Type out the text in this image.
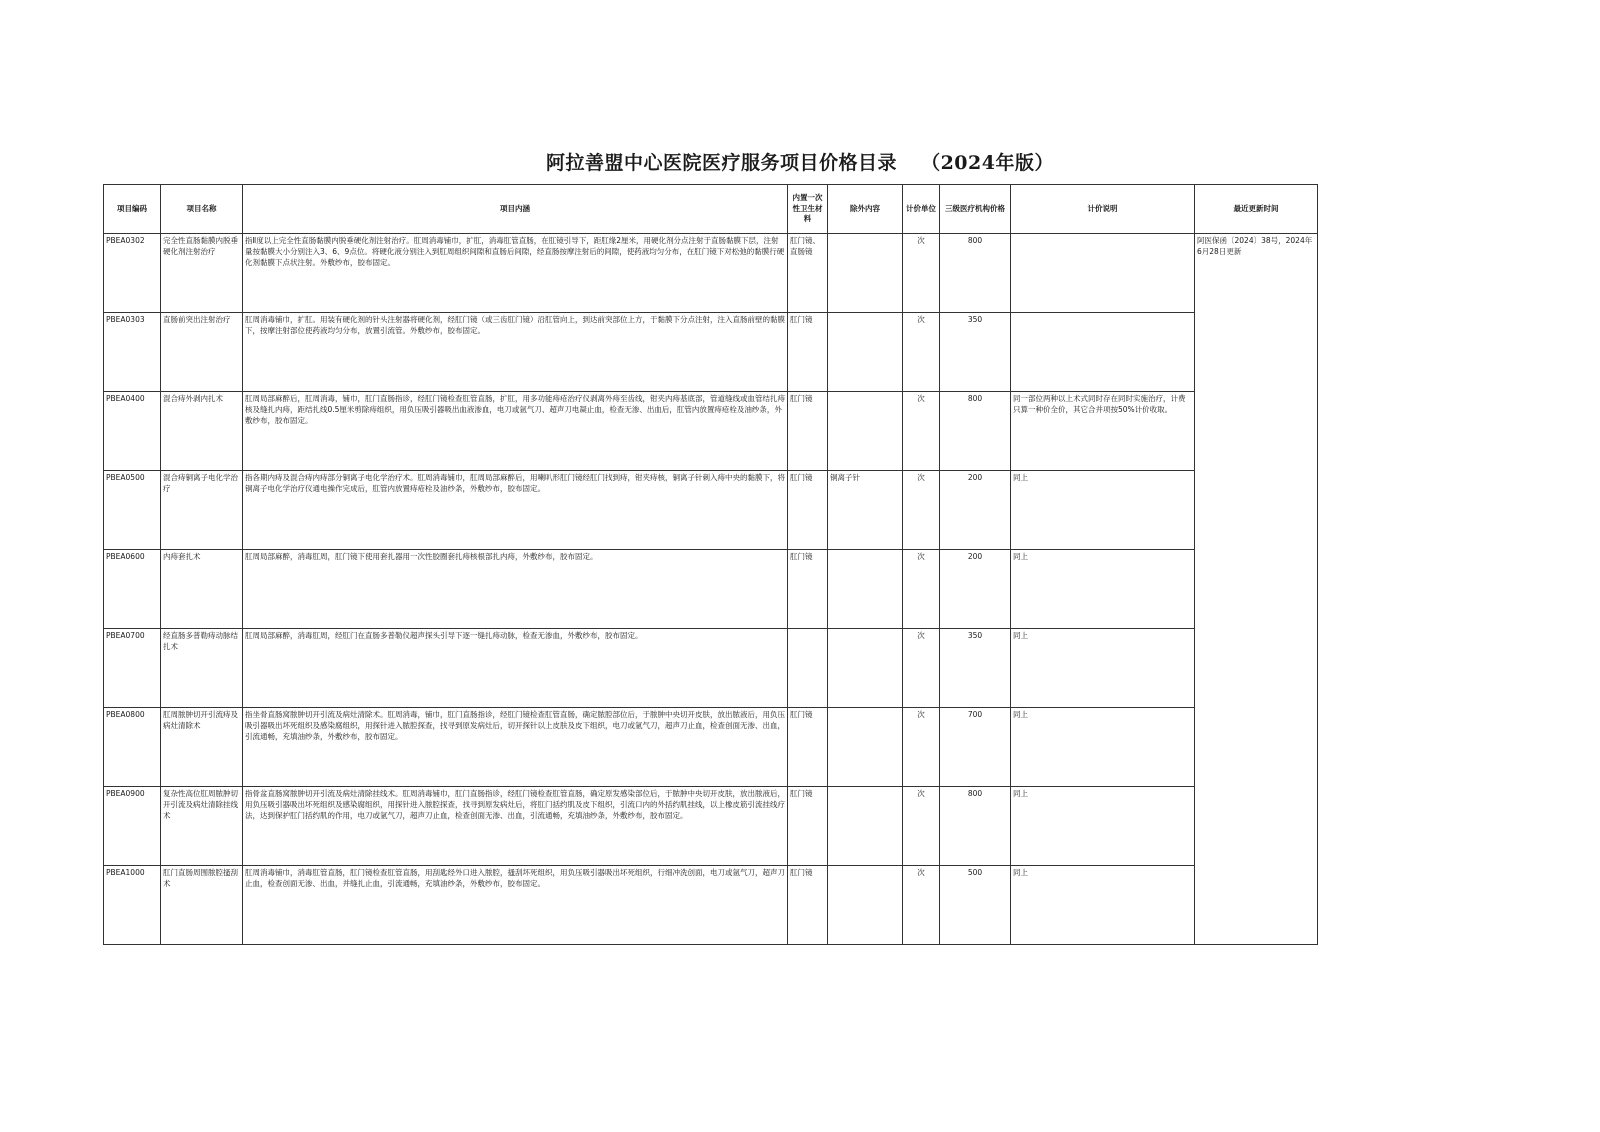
阿拉善盟中心医院医疗服务项目价格目录 （2024年版）
项目编码	项目名称	项目内涵	内置一次性卫生材料	除外内容	计价单位	三级医疗机构价格	计价说明	最近更新时间
PBEA0302	完全性直肠黏膜内脱垂硬化剂注射治疗	指Ⅱ度以上完全性直肠黏膜内脱垂硬化剂注射治疗。肛周消毒铺巾，扩肛，消毒肛管直肠，在肛镜引导下，距肛缘2厘米，用硬化剂分点注射于直肠黏膜下层，注射量按黏膜大小分别注入3、6、9点位。将硬化液分别注入到肛周组织间隙和直肠后间隙，经直肠按摩注射后的间隙，使药液均匀分布，在肛门镜下对松弛的黏膜行硬化剂黏膜下点状注射。外敷纱布，胶布固定。	肛门镜、直肠镜		次	800		阿医保函〔2024〕38号，2024年6月28日更新
PBEA0303	直肠前突出注射治疗	肛周消毒铺巾，扩肛。用装有硬化剂的针头注射器将硬化剂，经肛门镜（或三齿肛门镜）沿肛管向上，到达前突部位上方，于黏膜下分点注射，注入直肠前壁的黏膜下，按摩注射部位使药液均匀分布，放置引流管。外敷纱布，胶布固定。	肛门镜		次	350		
PBEA0400	混合痔外剥内扎术	肛周局部麻醉后，肛周消毒，铺巾，肛门直肠指诊，经肛门镜检查肛管直肠，扩肛，用多功能痔疮治疗仪剥离外痔至齿线，钳夹内痔基底部，管道缝线或血管结扎痔核及缝扎内痔，距结扎线0.5厘米剪除痔组织，用负压吸引器吸出血液渗血，电刀或氩气刀、超声刀电凝止血，检查无渗、出血后，肛管内放置痔疮栓及油纱条，外敷纱布，胶布固定。	肛门镜		次	800	同一部位两种以上术式同时存在同时实施治疗，计费只算一种价全价，其它合并项按50%计价收取。	
PBEA0500	混合痔铜离子电化学治疗	指各期内痔及混合痔内痔部分铜离子电化学治疗术。肛周消毒铺巾，肛周局部麻醉后，用喇叭形肛门镜经肛门找到痔，钳夹痔核，铜离子针刺入痔中央的黏膜下，将铜离子电化学治疗仪通电操作完成后，肛管内放置痔疮栓及油纱条，外敷纱布，胶布固定。	肛门镜	铜离子针	次	200	同上	
PBEA0600	内痔套扎术	肛周局部麻醉，消毒肛周，肛门镜下使用套扎器用一次性胶圈套扎痔核根部扎内痔，外敷纱布，胶布固定。	肛门镜		次	200	同上	
PBEA0700	经直肠多普勒痔动脉结扎术	肛周局部麻醉，消毒肛周，经肛门在直肠多普勒仪超声探头引导下逐一缝扎痔动脉，检查无渗血，外敷纱布，胶布固定。			次	350	同上	
PBEA0800	肛周脓肿切开引流痔及病灶清除术	指坐骨直肠窝脓肿切开引流及病灶清除术。肛周消毒，铺巾，肛门直肠指诊，经肛门镜检查肛管直肠，确定脓腔部位后，于脓肿中央切开皮肤，放出脓液后，用负压吸引器吸出坏死组织及感染腐组织，用探针进入脓腔探查，找寻到原发病灶后，切开探针以上皮肤及皮下组织，电刀或氩气刀，超声刀止血，检查创面无渗、出血，引流通畅，充填油纱条，外敷纱布，胶布固定。	肛门镜		次	700	同上	
PBEA0900	复杂性高位肛周脓肿切开引流及病灶清除挂线术	指骨盆直肠窝脓肿切开引流及病灶清除挂线术。肛周消毒铺巾，肛门直肠指诊，经肛门镜检查肛管直肠，确定原发感染部位后，于脓肿中央切开皮肤，放出脓液后，用负压吸引器吸出坏死组织及感染腐组织，用探针进入脓腔探查，找寻到原发病灶后，将肛门括约肌及皮下组织，引流口内的外括约肌挂线，以上橡皮筋引流挂线疗法，达到保护肛门括约肌的作用，电刀或氩气刀，超声刀止血，检查创面无渗、出血，引流通畅，充填油纱条，外敷纱布，胶布固定。	肛门镜		次	800	同上	
PBEA1000	肛门直肠周围脓腔搔刮术	肛周消毒铺巾，消毒肛管直肠，肛门镜检查肛管直肠，用刮匙经外口进入脓腔，搔刮坏死组织，用负压吸引器吸出坏死组织，行细冲洗创面，电刀或氩气刀，超声刀止血，检查创面无渗、出血，并缝扎止血，引流通畅，充填油纱条，外敷纱布，胶布固定。	肛门镜		次	500	同上	
